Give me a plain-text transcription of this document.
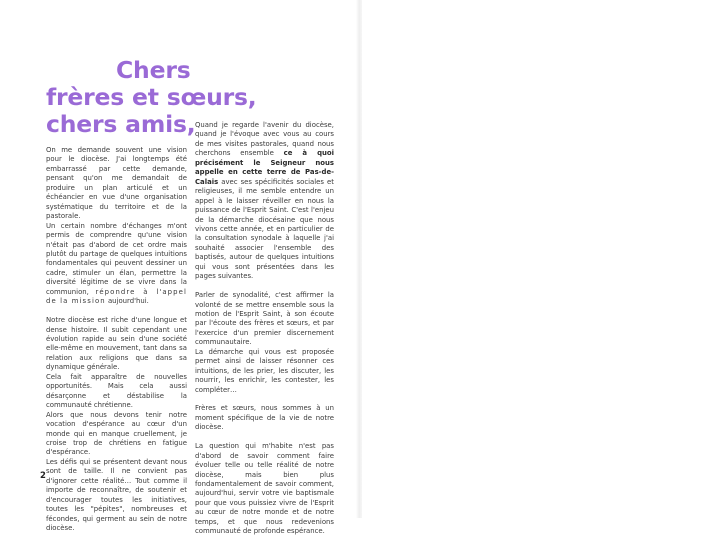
Chers
frères et sœurs,
chers amis,

On me demande souvent une vision pour le diocèse. J'ai longtemps été embarrassé par cette demande, pensant qu'on me demandait de produire un plan articulé et un échéancier en vue d'une organisation systématique du territoire et de la pastorale.

Un certain nombre d'échanges m'ont permis de comprendre qu'une vision n'était pas d'abord de cet ordre mais plutôt du partage de quelques intuitions fondamentales qui peuvent dessiner un cadre, stimuler un élan, permettre la diversité légitime de se vivre dans la communion, répondre à l'appel de la mission aujourd'hui.

Notre diocèse est riche d'une longue et dense histoire. Il subit cependant une évolution rapide au sein d'une société elle-même en mouvement, tant dans sa relation aux religions que dans sa dynamique générale.

Cela fait apparaître de nouvelles opportunités. Mais cela aussi désarçonne et déstabilise la communauté chrétienne.

Alors que nous devons tenir notre vocation d'espérance au cœur d'un monde qui en manque cruellement, je croise trop de chrétiens en fatigue d'espérance.

Les défis qui se présentent devant nous sont de taille. Il ne convient pas d'ignorer cette réalité… Tout comme il importe de reconnaître, de soutenir et d'encourager toutes les initiatives, toutes les "pépites", nombreuses et fécondes, qui germent au sein de notre diocèse.

Quand je regarde l'avenir du diocèse, quand je l'évoque avec vous au cours de mes visites pastorales, quand nous cherchons ensemble ce à quoi précisément le Seigneur nous appelle en cette terre de Pas-de-Calais avec ses spécificités sociales et religieuses, il me semble entendre un appel à le laisser réveiller en nous la puissance de l'Esprit Saint. C'est l'enjeu de la démarche diocésaine que nous vivons cette année, et en particulier de la consultation synodale à laquelle j'ai souhaité associer l'ensemble des baptisés, autour de quelques intuitions qui vous sont présentées dans les pages suivantes.

Parler de synodalité, c'est affirmer la volonté de se mettre ensemble sous la motion de l'Esprit Saint, à son écoute par l'écoute des frères et sœurs, et par l'exercice d'un premier discernement communautaire.

La démarche qui vous est proposée permet ainsi de laisser résonner ces intuitions, de les prier, les discuter, les nourrir, les enrichir, les contester, les compléter…

Frères et sœurs, nous sommes à un moment spécifique de la vie de notre diocèse.

La question qui m'habite n'est pas d'abord de savoir comment faire évoluer telle ou telle réalité de notre diocèse, mais bien plus fondamentalement de savoir comment, aujourd'hui, servir votre vie baptismale pour que vous puissiez vivre de l'Esprit au cœur de notre monde et de notre temps, et que nous redevenions communauté de profonde espérance.

2
